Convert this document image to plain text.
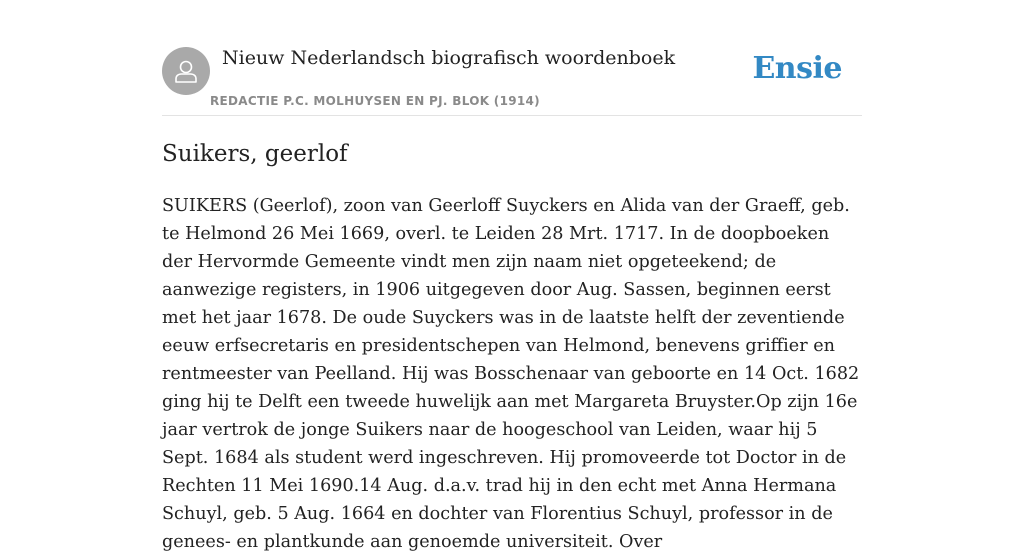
Nieuw Nederlandsch biografisch woordenboek
REDACTIE P.C. MOLHUYSEN EN PJ. BLOK (1914)
Ensie
Suikers, geerlof

SUIKERS (Geerlof), zoon van Geerloff Suyckers en Alida van der Graeff, geb. te Helmond 26 Mei 1669, overl. te Leiden 28 Mrt. 1717. In de doopboeken der Hervormde Gemeente vindt men zijn naam niet opgeteekend; de aanwezige registers, in 1906 uitgegeven door Aug. Sassen, beginnen eerst met het jaar 1678. De oude Suyckers was in de laatste helft der zeventiende eeuw erfsecretaris en presidentschepen van Helmond, benevens griffier en rentmeester van Peelland. Hij was Bosschenaar van geboorte en 14 Oct. 1682 ging hij te Delft een tweede huwelijk aan met Margareta Bruyster.Op zijn 16e jaar vertrok de jonge Suikers naar de hoogeschool van Leiden, waar hij 5 Sept. 1684 als student werd ingeschreven. Hij promoveerde tot Doctor in de Rechten 11 Mei 1690.14 Aug. d.a.v. trad hij in den echt met Anna Hermana Schuyl, geb. 5 Aug. 1664 en dochter van Florentius Schuyl, professor in de genees- en plantkunde aan genoemde universiteit. Over
